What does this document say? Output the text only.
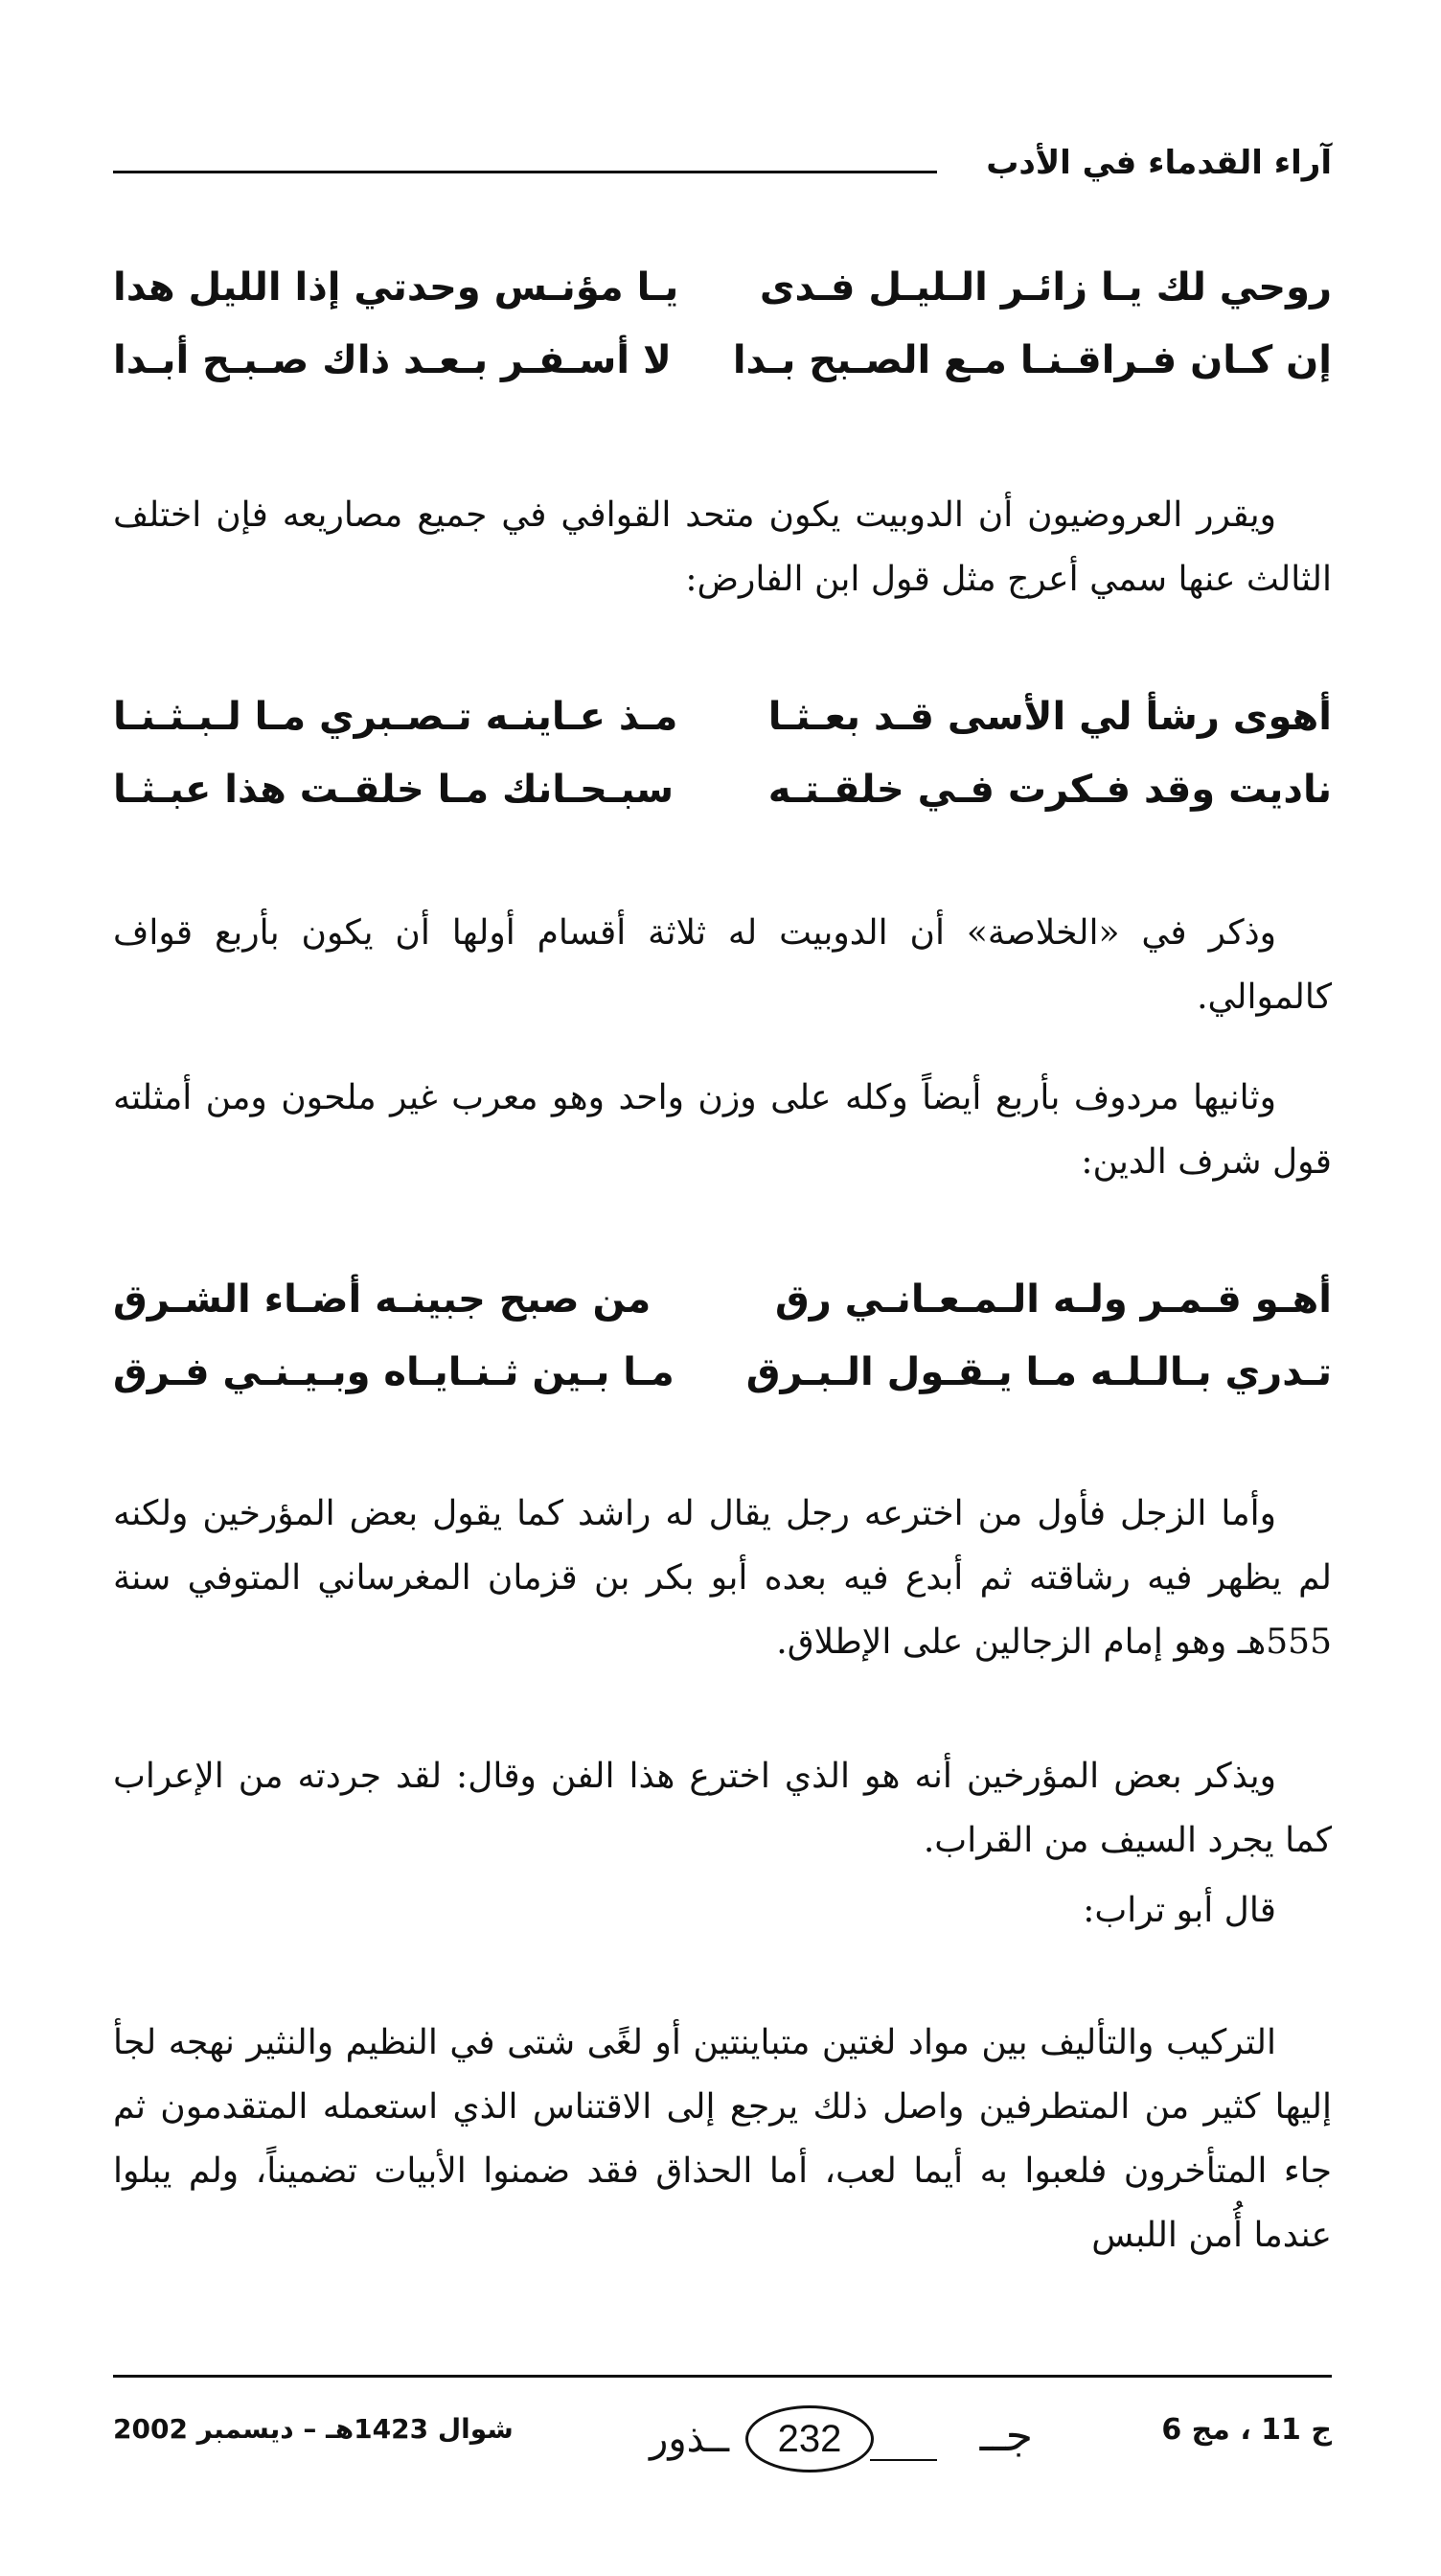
آراء القدماء في الأدب
روحي لك يـا زائـر الـليـل فـدى
يـا مؤنـس وحدتي إذا الليل هدا
إن كـان فـراقـنـا مـع الصـبح بـدا
لا أسـفـر بـعـد ذاك صـبـح أبـدا

ويقرر العروضيون أن الدوبيت يكون متحد القوافي في جميع مصاريعه فإن اختلف الثالث عنها سمي أعرج مثل قول ابن الفارض:

أهوى رشأ لي الأسى قـد بعـثـا
مـذ عـاينـه تـصـبري مـا لـبـثـنـا
ناديت وقد فـكرت فـي خلقـتـه
سبـحـانك مـا خلقـت هذا عبـثـا

وذكر في «الخلاصة» أن الدوبيت له ثلاثة أقسام أولها أن يكون بأربع قواف كالموالي.

وثانيها مردوف بأربع أيضاً وكله على وزن واحد وهو معرب غير ملحون ومن أمثلته قول شرف الدين:

أهـو قـمـر ولـه الـمـعـانـي رق
من صبح جبينـه أضـاء الشـرق
تـدري بـالـلـه مـا يـقـول الـبـرق
مـا بـين ثـنـايـاه وبـيـنـي فـرق

وأما الزجل فأول من اخترعه رجل يقال له راشد كما يقول بعض المؤرخين ولكنه لم يظهر فيه رشاقته ثم أبدع فيه بعده أبو بكر بن قزمان المغرساني المتوفي سنة 555هـ وهو إمام الزجالين على الإطلاق.

ويذكر بعض المؤرخين أنه هو الذي اخترع هذا الفن وقال: لقد جردته من الإعراب كما يجرد السيف من القراب.

قال أبو تراب:

التركيب والتأليف بين مواد لغتين متباينتين أو لغًى شتى في النظيم والنثير نهجه لجأ إليها كثير من المتطرفين واصل ذلك يرجع إلى الاقتناس الذي استعمله المتقدمون ثم جاء المتأخرون فلعبوا به أيما لعب، أما الحذاق فقد ضمنوا الأبيات تضميناً، ولم يبلوا عندما أُمن اللبس

ج 11 ، مج 6
ــذور	232	جــ
شوال 1423هـ – ديسمبر 2002
